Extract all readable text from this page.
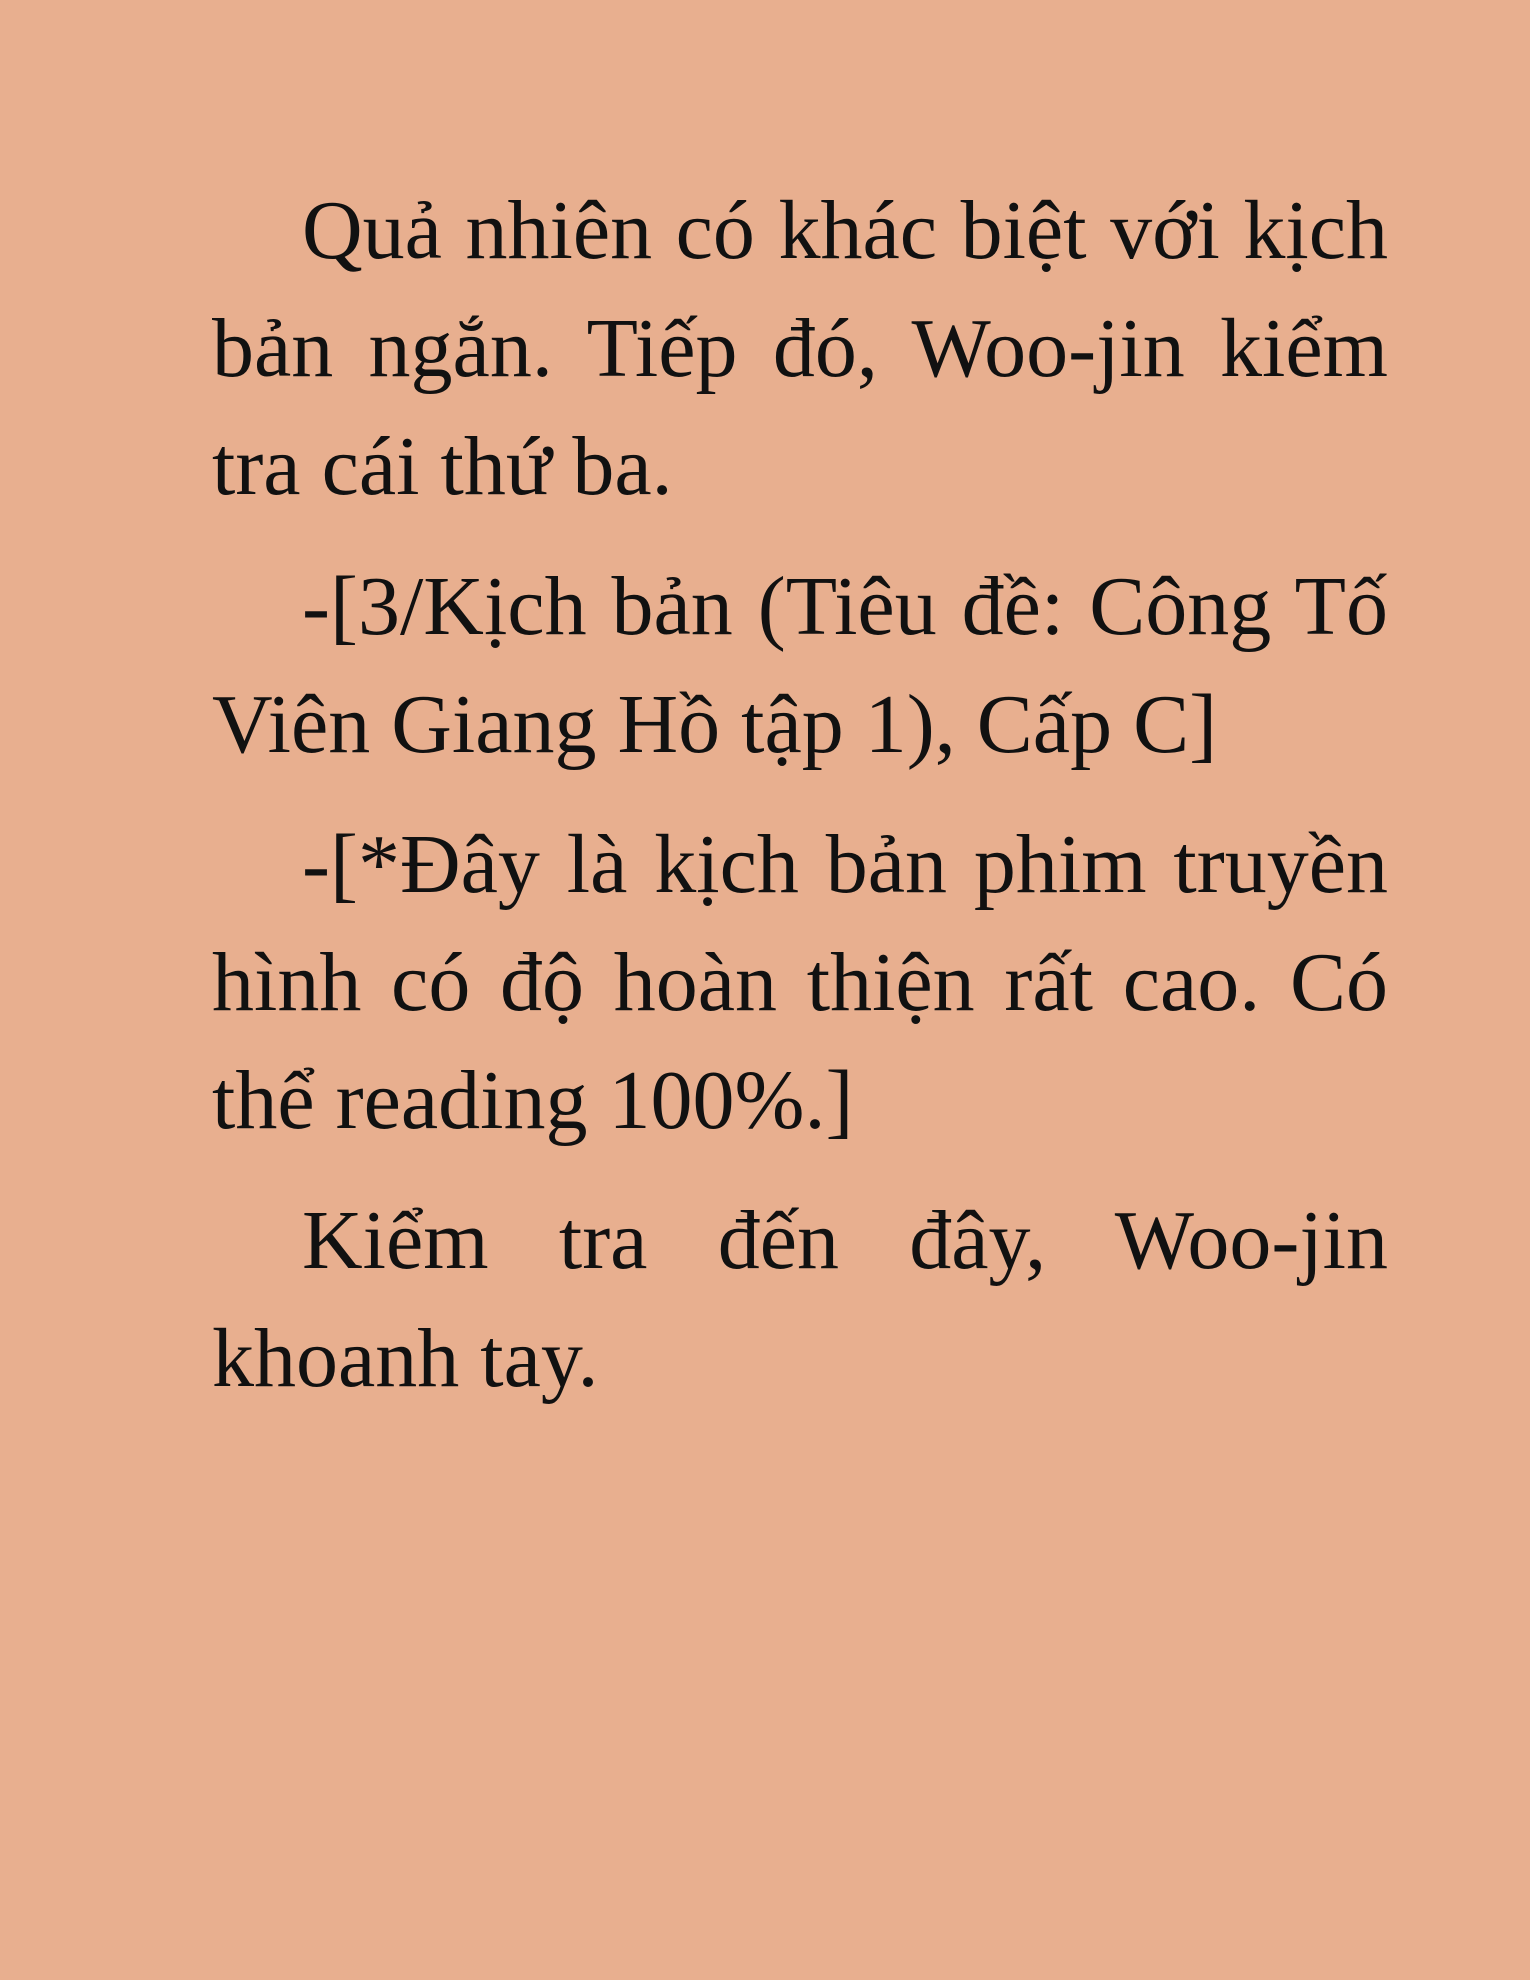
Quả nhiên có khác biệt với kịch bản ngắn. Tiếp đó, Woo-jin kiểm tra cái thứ ba.

-[3/Kịch bản (Tiêu đề: Công Tố Viên Giang Hồ tập 1), Cấp C]

-[*Đây là kịch bản phim truyền hình có độ hoàn thiện rất cao. Có thể reading 100%.]

Kiểm tra đến đây, Woo-jin khoanh tay.
